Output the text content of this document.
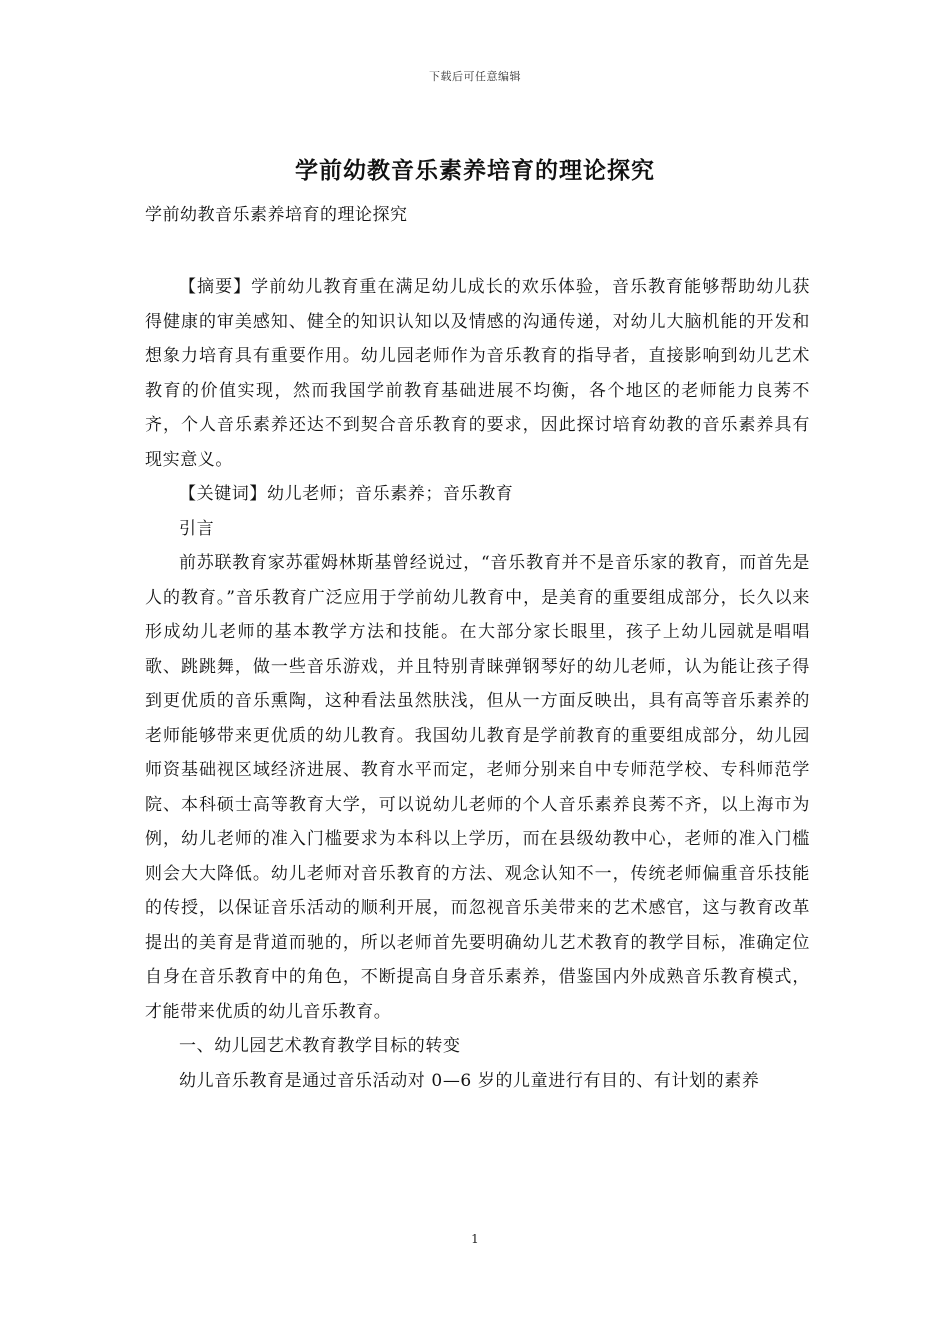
下载后可任意编辑
学前幼教音乐素养培育的理论探究
学前幼教音乐素养培育的理论探究

【摘要】学前幼儿教育重在满足幼儿成长的欢乐体验，音乐教育能够帮助幼儿获得健康的审美感知、健全的知识认知以及情感的沟通传递，对幼儿大脑机能的开发和想象力培育具有重要作用。幼儿园老师作为音乐教育的指导者，直接影响到幼儿艺术教育的价值实现，然而我国学前教育基础进展不均衡，各个地区的老师能力良莠不齐，个人音乐素养还达不到契合音乐教育的要求，因此探讨培育幼教的音乐素养具有现实意义。

【关键词】幼儿老师；音乐素养；音乐教育

引言

前苏联教育家苏霍姆林斯基曾经说过，“音乐教育并不是音乐家的教育，而首先是人的教育。”音乐教育广泛应用于学前幼儿教育中，是美育的重要组成部分，长久以来形成幼儿老师的基本教学方法和技能。在大部分家长眼里，孩子上幼儿园就是唱唱歌、跳跳舞，做一些音乐游戏，并且特别青睐弹钢琴好的幼儿老师，认为能让孩子得到更优质的音乐熏陶，这种看法虽然肤浅，但从一方面反映出，具有高等音乐素养的老师能够带来更优质的幼儿教育。我国幼儿教育是学前教育的重要组成部分，幼儿园师资基础视区域经济进展、教育水平而定，老师分别来自中专师范学校、专科师范学院、本科硕士高等教育大学，可以说幼儿老师的个人音乐素养良莠不齐，以上海市为例，幼儿老师的准入门槛要求为本科以上学历，而在县级幼教中心，老师的准入门槛则会大大降低。幼儿老师对音乐教育的方法、观念认知不一，传统老师偏重音乐技能的传授，以保证音乐活动的顺利开展，而忽视音乐美带来的艺术感官，这与教育改革提出的美育是背道而驰的，所以老师首先要明确幼儿艺术教育的教学目标，准确定位自身在音乐教育中的角色，不断提高自身音乐素养，借鉴国内外成熟音乐教育模式，才能带来优质的幼儿音乐教育。

一、幼儿园艺术教育教学目标的转变

幼儿音乐教育是通过音乐活动对 0—6 岁的儿童进行有目的、有计划的素养

1
